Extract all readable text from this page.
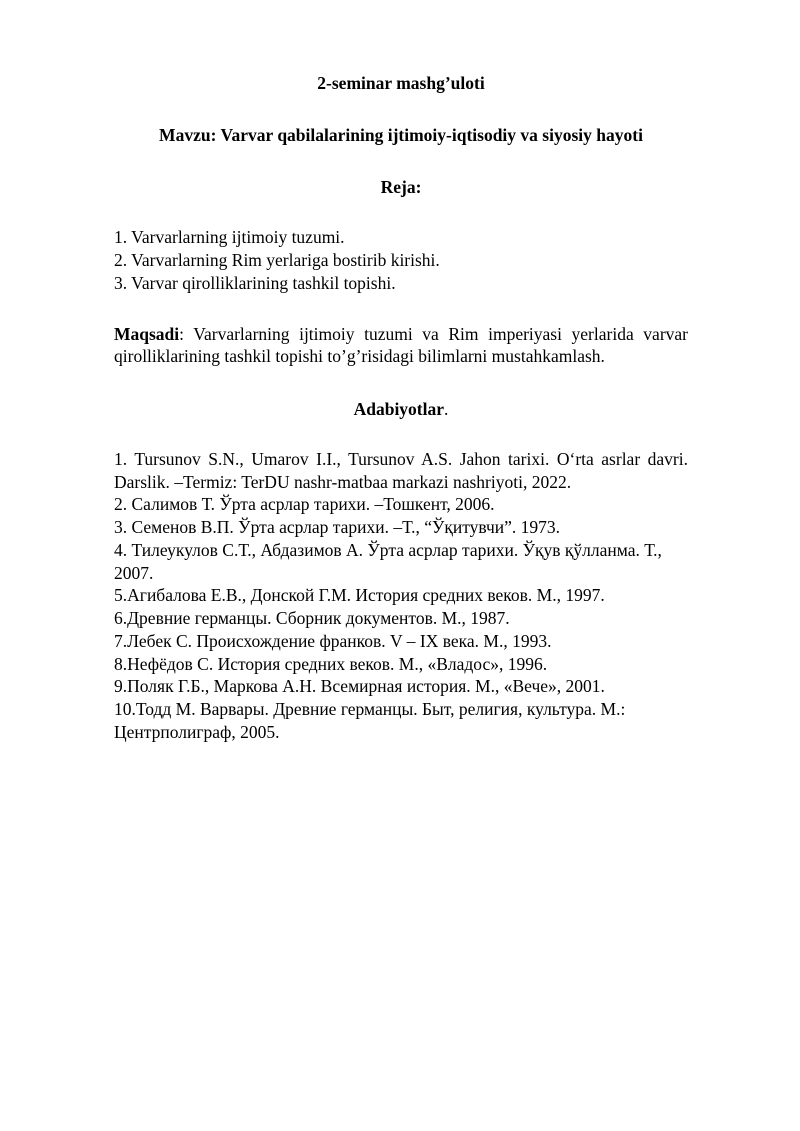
2-seminar mashg’uloti

Mavzu: Varvar qabilalarining ijtimoiy-iqtisodiy va siyosiy hayoti

Reja:

1. Varvarlarning ijtimoiy tuzumi.

2. Varvarlarning Rim yerlariga bostirib kirishi.

3. Varvar qirolliklarining tashkil topishi.

Maqsadi: Varvarlarning ijtimoiy tuzumi va Rim imperiyasi yerlarida varvar qirolliklarining tashkil topishi to’g’risidagi bilimlarni mustahkamlash.

Adabiyotlar.

1. Tursunov S.N., Umarov I.I., Tursunov A.S. Jahon tarixi. Oʻrta asrlar davri. Darslik. –Termiz: TerDU nashr-matbaa markazi nashriyoti, 2022.

2. Салимов Т. Ўрта асрлар тарихи. –Тошкент, 2006.

3. Семенов В.П. Ўрта асрлар тарихи. –Т., “Ўқитувчи”. 1973.

4. Тилеукулов С.Т., Абдазимов А. Ўрта асрлар тарихи. Ўқув қўлланма. Т., 2007.

5.Агибалова Е.В., Донской Г.М. История средних веков. М., 1997.

6.Древние германцы. Сборник документов. М., 1987.

7.Лебек С. Происхождение франков. V – IX века. М., 1993.

8.Нефёдов С. История средних веков. М., «Владос», 1996.

9.Поляк Г.Б., Маркова А.Н. Всемирная история. М., «Вече», 2001.

10.Тодд М. Варвары. Древние германцы. Быт, религия, культура. М.: Центрполиграф, 2005.
